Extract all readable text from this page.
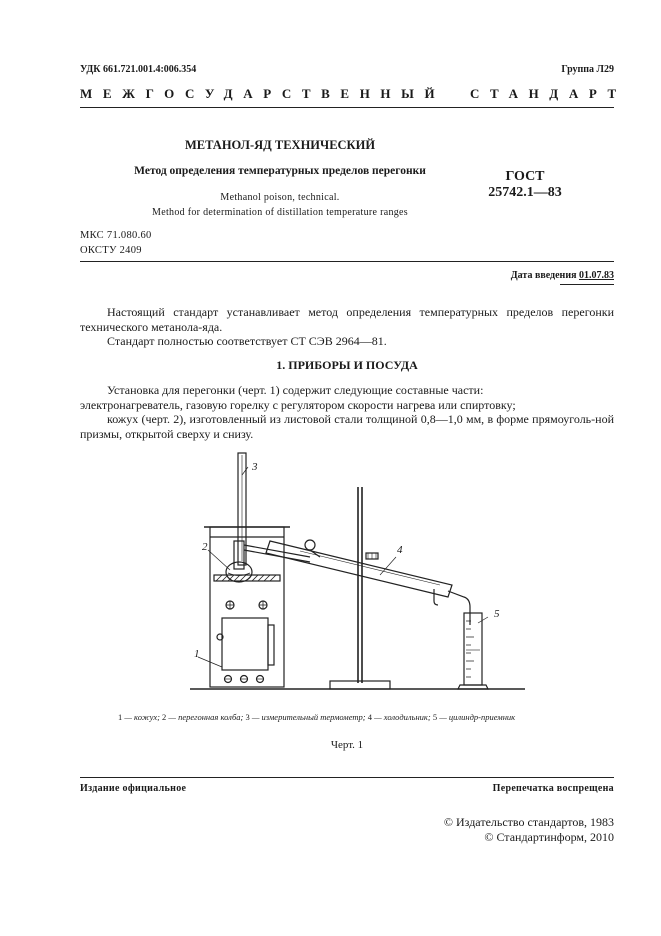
УДК 661.721.001.4:006.354	Группа Л29
МЕЖГОСУДАРСТВЕННЫЙ СТАНДАРТ
МЕТАНОЛ-ЯД ТЕХНИЧЕСКИЙ
Метод определения температурных пределов перегонки
Methanol poison, technical.
Method for determination of distillation temperature ranges
ГОСТ
25742.1—83
МКС 71.080.60
ОКСТУ 2409
Дата введения 01.07.83
Настоящий стандарт устанавливает метод определения температурных пределов перегонки технического метанола-яда.
Стандарт полностью соответствует СТ СЭВ 2964—81.
1. ПРИБОРЫ И ПОСУДА
Установка для перегонки (черт. 1) содержит следующие составные части:
электронагреватель, газовую горелку с регулятором скорости нагрева или спиртовку;
кожух (черт. 2), изготовленный из листовой стали толщиной 0,8—1,0 мм, в форме прямоуголь-ной призмы, открытой сверху и снизу.
3
2	4
5
1
1 — кожух; 2 — перегонная колба; 3 — измерительный термометр; 4 — холодильник; 5 — цилиндр-приемник
Черт. 1
Издание официальное	Перепечатка воспрещена
© Издательство стандартов, 1983
© Стандартинформ, 2010
